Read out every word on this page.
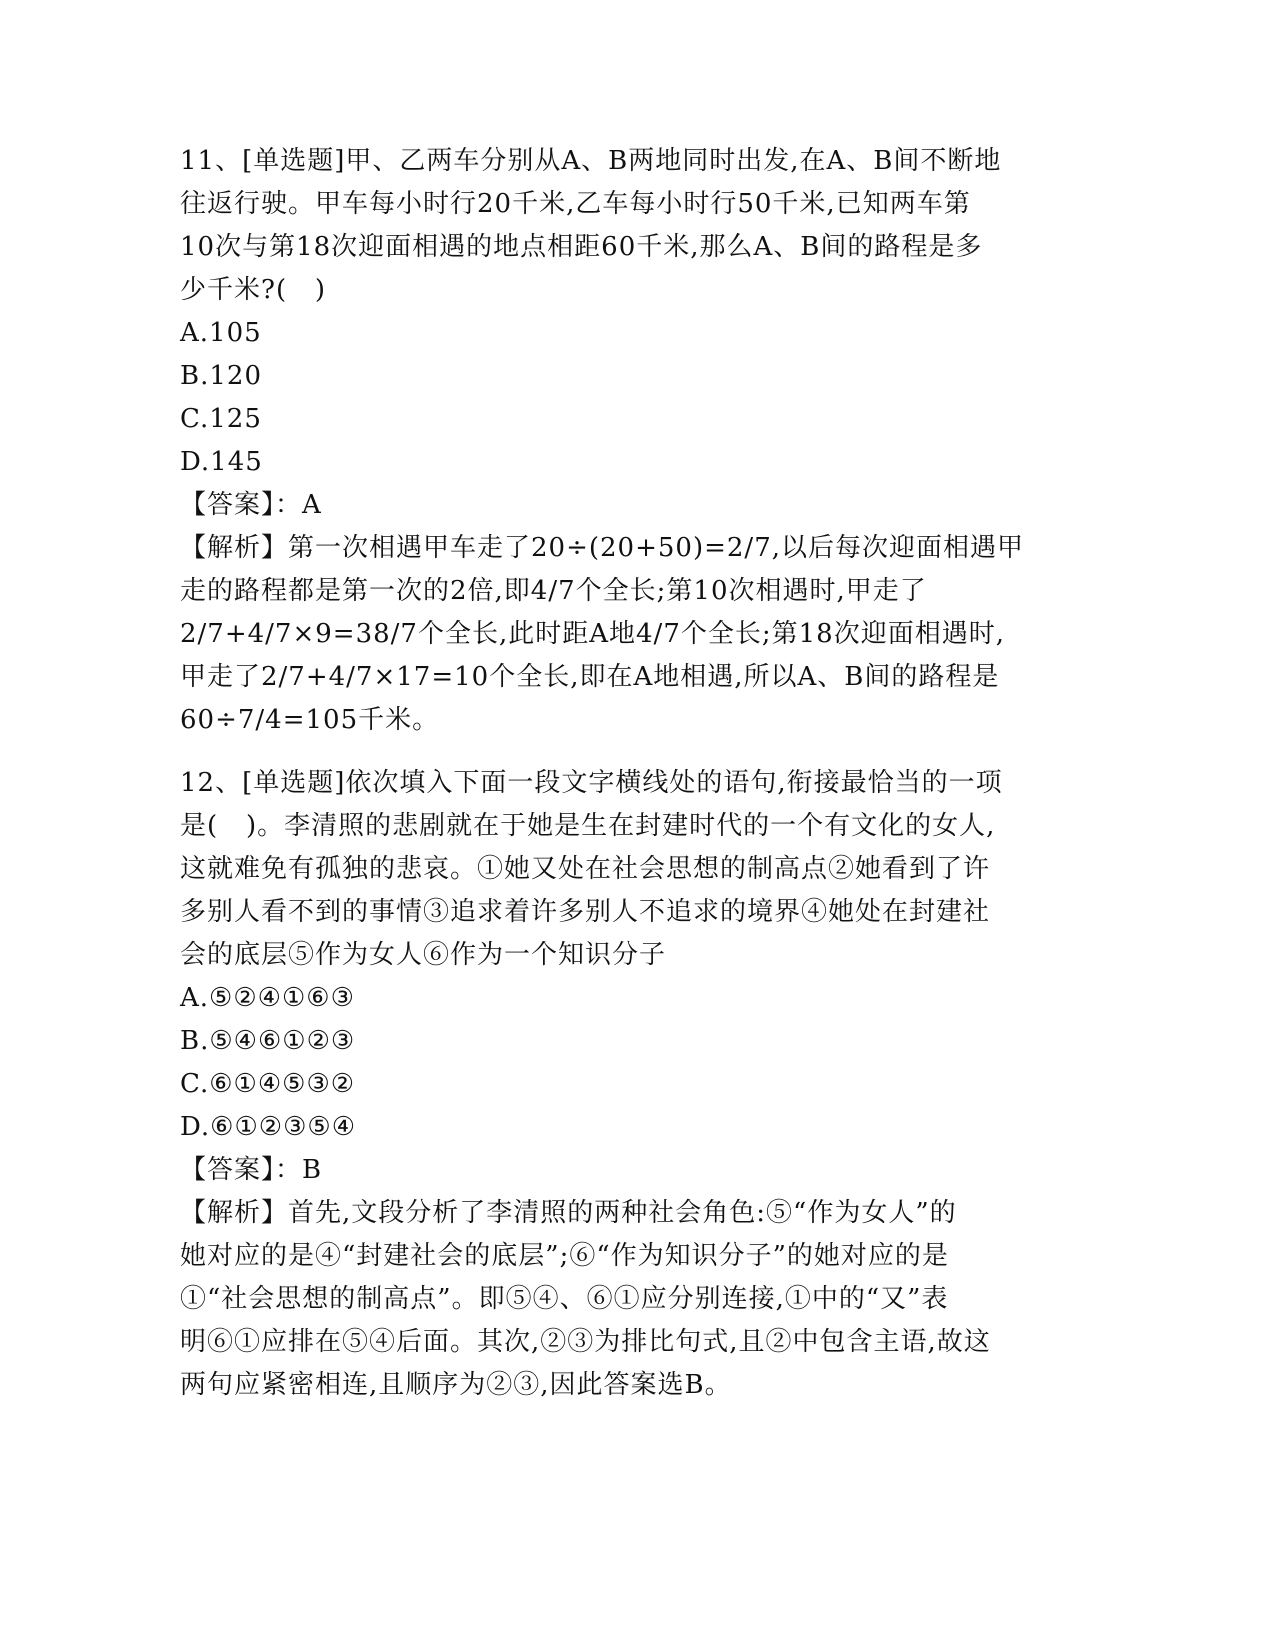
11、[单选题]甲、乙两车分别从A、B两地同时出发,在A、B间不断地
往返行驶。甲车每小时行20千米,乙车每小时行50千米,已知两车第
10次与第18次迎面相遇的地点相距60千米,那么A、B间的路程是多
少千米?(   )
A.105
B.120
C.125
D.145
【答案】：A
【解析】第一次相遇甲车走了20÷(20+50)=2/7,以后每次迎面相遇甲
走的路程都是第一次的2倍,即4/7个全长;第10次相遇时,甲走了
2/7+4/7×9=38/7个全长,此时距A地4/7个全长;第18次迎面相遇时,
甲走了2/7+4/7×17=10个全长,即在A地相遇,所以A、B间的路程是
60÷7/4=105千米。
12、[单选题]依次填入下面一段文字横线处的语句,衔接最恰当的一项
是(   )。李清照的悲剧就在于她是生在封建时代的一个有文化的女人,
这就难免有孤独的悲哀。①她又处在社会思想的制高点②她看到了许
多别人看不到的事情③追求着许多别人不追求的境界④她处在封建社
会的底层⑤作为女人⑥作为一个知识分子
A.⑤②④①⑥③
B.⑤④⑥①②③
C.⑥①④⑤③②
D.⑥①②③⑤④
【答案】：B
【解析】首先,文段分析了李清照的两种社会角色:⑤“作为女人”的
她对应的是④“封建社会的底层”;⑥“作为知识分子”的她对应的是
①“社会思想的制高点”。即⑤④、⑥①应分别连接,①中的“又”表
明⑥①应排在⑤④后面。其次,②③为排比句式,且②中包含主语,故这
两句应紧密相连,且顺序为②③,因此答案选B。
